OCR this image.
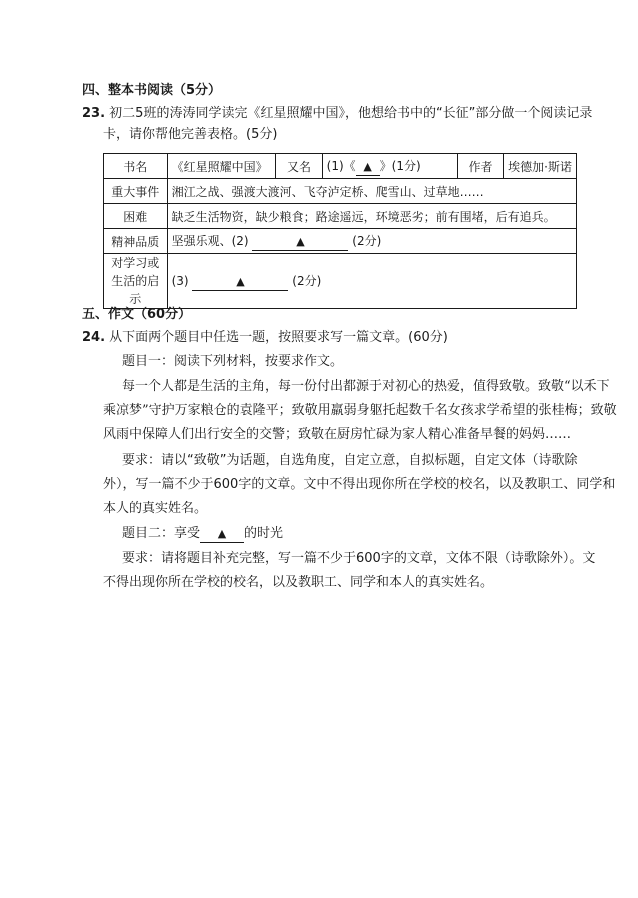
四、整本书阅读（5分）
23. 初二5班的涛涛同学读完《红星照耀中国》，他想给书中的“长征”部分做一个阅读记录
卡，请你帮他完善表格。(5分)
书名	《红星照耀中国》	又名	(1)《 ▲ 》(1分)	作者	埃德加·斯诺
重大事件	湘江之战、强渡大渡河、飞夺泸定桥、爬雪山、过草地……				
困难	缺乏生活物资，缺少粮食；路途遥远，环境恶劣；前有围堵，后有追兵。				
精神品质	坚强乐观、(2) ▲ (2分)				
对学习或
生活的启示	(3) ▲ (2分)				
五、作文（60分）
24. 从下面两个题目中任选一题，按照要求写一篇文章。(60分)
题目一：阅读下列材料，按要求作文。
每一个人都是生活的主角，每一份付出都源于对初心的热爱，值得致敬。致敬“以禾下
乘凉梦”守护万家粮仓的袁隆平；致敬用羸弱身躯托起数千名女孩求学希望的张桂梅；致敬
风雨中保障人们出行安全的交警；致敬在厨房忙碌为家人精心准备早餐的妈妈……
要求：请以“致敬”为话题，自选角度，自定立意，自拟标题，自定文体（诗歌除
外），写一篇不少于600字的文章。文中不得出现你所在学校的校名，以及教职工、同学和
本人的真实姓名。
题目二：享受 ▲ 的时光
要求：请将题目补充完整，写一篇不少于600字的文章，文体不限（诗歌除外）。文
不得出现你所在学校的校名，以及教职工、同学和本人的真实姓名。
